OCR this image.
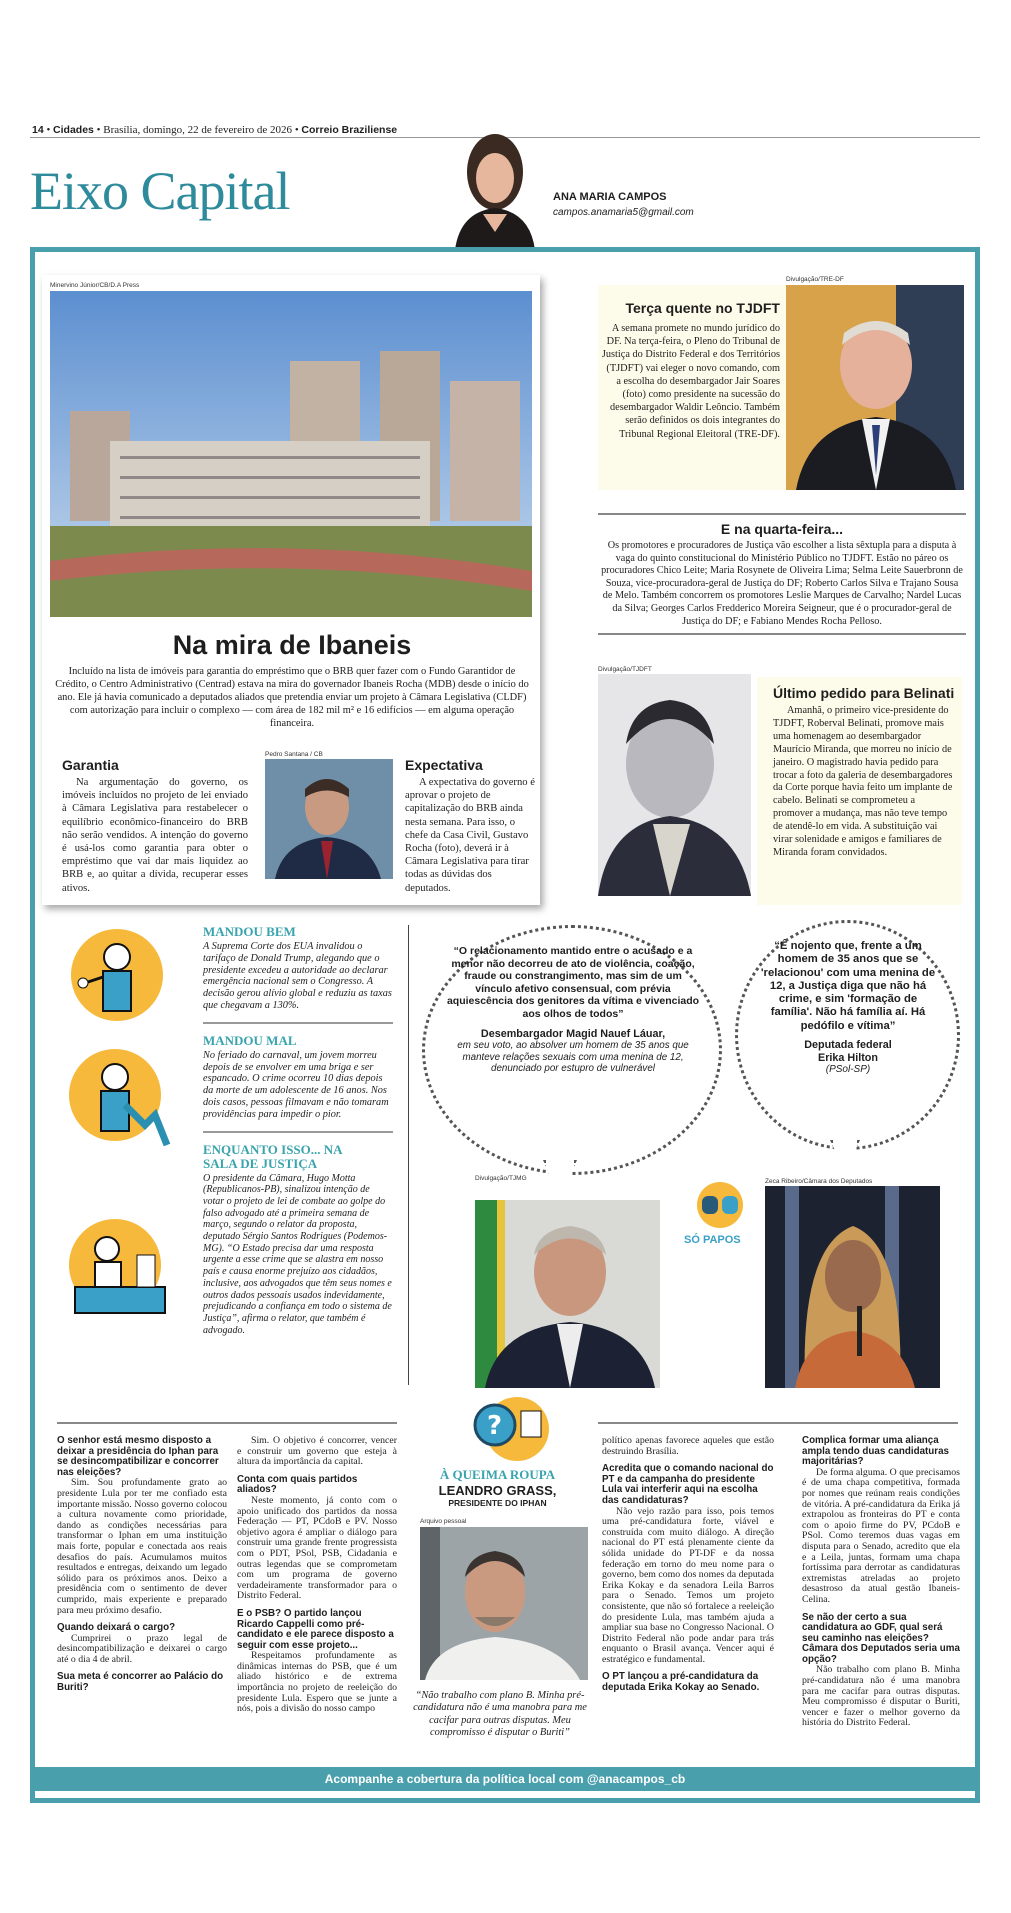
14 • Cidades • Brasília, domingo, 22 de fevereiro de 2026 • Correio Braziliense
Eixo Capital	ANA MARIA CAMPOS
campos.anamaria5@gmail.com
Minervino Júnior/CB/D.A Press
Na mira de Ibaneis
Incluído na lista de imóveis para garantia do empréstimo que o BRB quer fazer com o Fundo Garantidor de Crédito, o Centro Administrativo (Centrad) estava na mira do governador Ibaneis Rocha (MDB) desde o início do ano. Ele já havia comunicado a deputados aliados que pretendia enviar um projeto à Câmara Legislativa (CLDF) com autorização para incluir o complexo — com área de 182 mil m² e 16 edifícios — em alguma operação financeira.
Garantia
Na argumentação do governo, os imóveis incluídos no projeto de lei enviado à Câmara Legislativa para restabelecer o equilíbrio econômico-financeiro do BRB não serão vendidos. A intenção do governo é usá-los como garantia para obter o empréstimo que vai dar mais liquidez ao BRB e, ao quitar a dívida, recuperar esses ativos.
Pedro Santana / CB
Expectativa
A expectativa do governo é aprovar o projeto de capitalização do BRB ainda nesta semana. Para isso, o chefe da Casa Civil, Gustavo Rocha (foto), deverá ir à Câmara Legislativa para tirar todas as dúvidas dos deputados.
Terça quente no TJDFT
A semana promete no mundo jurídico do DF. Na terça-feira, o Pleno do Tribunal de Justiça do Distrito Federal e dos Territórios (TJDFT) vai eleger o novo comando, com a escolha do desembargador Jair Soares (foto) como presidente na sucessão do desembargador Waldir Leôncio. Também serão definidos os dois integrantes do Tribunal Regional Eleitoral (TRE-DF).
Divulgação/TRE-DF
E na quarta-feira...
Os promotores e procuradores de Justiça vão escolher a lista sêxtupla para a disputa à vaga do quinto constitucional do Ministério Público no TJDFT. Estão no páreo os procuradores Chico Leite; Maria Rosynete de Oliveira Lima; Selma Leite Sauerbronn de Souza, vice-procuradora-geral de Justiça do DF; Roberto Carlos Silva e Trajano Sousa de Melo. Também concorrem os promotores Leslie Marques de Carvalho; Nardel Lucas da Silva; Georges Carlos Fredderico Moreira Seigneur, que é o procurador-geral de Justiça do DF; e Fabiano Mendes Rocha Pelloso.
Divulgação/TJDFT
Último pedido para Belinati
Amanhã, o primeiro vice-presidente do TJDFT, Roberval Belinati, promove mais uma homenagem ao desembargador Maurício Miranda, que morreu no início de janeiro. O magistrado havia pedido para trocar a foto da galeria de desembargadores da Corte porque havia feito um implante de cabelo. Belinati se comprometeu a promover a mudança, mas não teve tempo de atendê-lo em vida. A substituição vai virar solenidade e amigos e familiares de Miranda foram convidados.
MANDOU BEM
A Suprema Corte dos EUA invalidou o tarifaço de Donald Trump, alegando que o presidente excedeu a autoridade ao declarar emergência nacional sem o Congresso. A decisão gerou alívio global e reduziu as taxas que chegavam a 130%.
MANDOU MAL
No feriado do carnaval, um jovem morreu depois de se envolver em uma briga e ser espancado. O crime ocorreu 10 dias depois da morte de um adolescente de 16 anos. Nos dois casos, pessoas filmavam e não tomaram providências para impedir o pior.
ENQUANTO ISSO... NA SALA DE JUSTIÇA
O presidente da Câmara, Hugo Motta (Republicanos-PB), sinalizou intenção de votar o projeto de lei de combate ao golpe do falso advogado até a primeira semana de março, segundo o relator da proposta, deputado Sérgio Santos Rodrigues (Podemos-MG). “O Estado precisa dar uma resposta urgente a esse crime que se alastra em nosso país e causa enorme prejuízo aos cidadãos, inclusive, aos advogados que têm seus nomes e outros dados pessoais usados indevidamente, prejudicando a confiança em todo o sistema de Justiça”, afirma o relator, que também é advogado.
“O relacionamento mantido entre o acusado e a menor não decorreu de ato de violência, coação, fraude ou constrangimento, mas sim de um vínculo afetivo consensual, com prévia aquiescência dos genitores da vítima e vivenciado aos olhos de todos”
Desembargador Magid Nauef Láuar,
em seu voto, ao absolver um homem de 35 anos que manteve relações sexuais com uma menina de 12, denunciado por estupro de vulnerável
Divulgação/TJMG
“É nojento que, frente a um homem de 35 anos que se 'relacionou' com uma menina de 12, a Justiça diga que não há crime, e sim 'formação de família'. Não há família aí. Há pedófilo e vítima”
Deputada federal Erika Hilton
(PSol-SP)
Zeca Ribeiro/Câmara dos Deputados
SÓ PAPOS
?
À QUEIMA ROUPA
LEANDRO GRASS,
PRESIDENTE DO IPHAN
Arquivo pessoal
“Não trabalho com plano B. Minha pré-candidatura não é uma manobra para me cacifar para outras disputas. Meu compromisso é disputar o Buriti”

O senhor está mesmo disposto a deixar a presidência do Iphan para se desincompatibilizar e concorrer nas eleições?

Sim. Sou profundamente grato ao presidente Lula por ter me confiado esta importante missão. Nosso governo colocou a cultura novamente como prioridade, dando as condições necessárias para transformar o Iphan em uma instituição mais forte, popular e conectada aos reais desafios do país. Acumulamos muitos resultados e entregas, deixando um legado sólido para os próximos anos. Deixo a presidência com o sentimento de dever cumprido, mais experiente e preparado para meu próximo desafio.

Quando deixará o cargo?

Cumprirei o prazo legal de desincompatibilização e deixarei o cargo até o dia 4 de abril.

Sua meta é concorrer ao Palácio do Buriti?

Sim. O objetivo é concorrer, vencer e construir um governo que esteja à altura da importância da capital.

Conta com quais partidos aliados?

Neste momento, já conto com o apoio unificado dos partidos da nossa Federação — PT, PCdoB e PV. Nosso objetivo agora é ampliar o diálogo para construir uma grande frente progressista com o PDT, PSol, PSB, Cidadania e outras legendas que se comprometam com um programa de governo verdadeiramente transformador para o Distrito Federal.

E o PSB? O partido lançou Ricardo Cappelli como pré-candidato e ele parece disposto a seguir com esse projeto...

Respeitamos profundamente as dinâmicas internas do PSB, que é um aliado histórico e de extrema importância no projeto de reeleição do presidente Lula. Espero que se junte a nós, pois a divisão do nosso campo

político apenas favorece aqueles que estão destruindo Brasília.

Acredita que o comando nacional do PT e da campanha do presidente Lula vai interferir aqui na escolha das candidaturas?

Não vejo razão para isso, pois temos uma pré-candidatura forte, viável e construída com muito diálogo. A direção nacional do PT está plenamente ciente da sólida unidade do PT-DF e da nossa federação em torno do meu nome para o governo, bem como dos nomes da deputada Erika Kokay e da senadora Leila Barros para o Senado. Temos um projeto consistente, que não só fortalece a reeleição do presidente Lula, mas também ajuda a ampliar sua base no Congresso Nacional. O Distrito Federal não pode andar para trás enquanto o Brasil avança. Vencer aqui é estratégico e fundamental.

O PT lançou a pré-candidatura da deputada Erika Kokay ao Senado.

Complica formar uma aliança ampla tendo duas candidaturas majoritárias?

De forma alguma. O que precisamos é de uma chapa competitiva, formada por nomes que reúnam reais condições de vitória. A pré-candidatura da Erika já extrapolou as fronteiras do PT e conta com o apoio firme do PV, PCdoB e PSol. Como teremos duas vagas em disputa para o Senado, acredito que ela e a Leila, juntas, formam uma chapa fortíssima para derrotar as candidaturas extremistas atreladas ao projeto desastroso da atual gestão Ibaneis-Celina.

Se não der certo a sua candidatura ao GDF, qual será seu caminho nas eleições? Câmara dos Deputados seria uma opção?

Não trabalho com plano B. Minha pré-candidatura não é uma manobra para me cacifar para outras disputas. Meu compromisso é disputar o Buriti, vencer e fazer o melhor governo da história do Distrito Federal.

Acompanhe a cobertura da política local com @anacampos_cb
